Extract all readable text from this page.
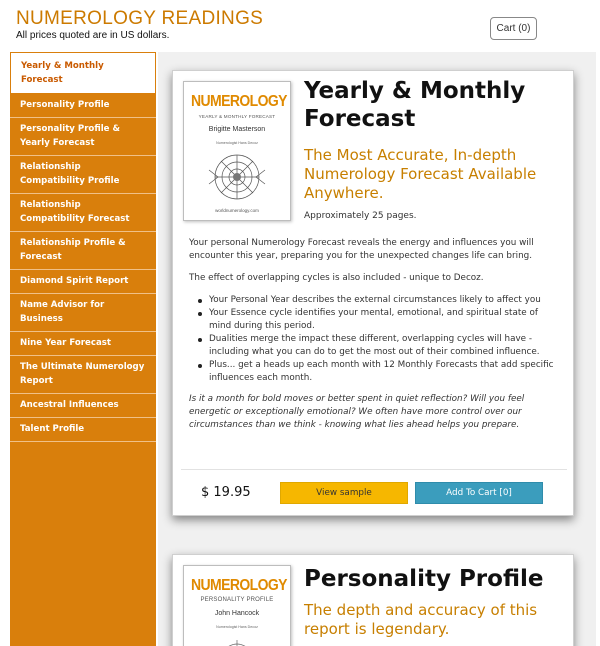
NUMEROLOGY READINGS
All prices quoted are in US dollars.
Cart (0)
Yearly & Monthly Forecast
Personality Profile
Personality Profile & Yearly Forecast
Relationship Compatibility Profile
Relationship Compatibility Forecast
Relationship Profile & Forecast
Diamond Spirit Report
Name Advisor for Business
Nine Year Forecast
The Ultimate Numerology Report
Ancestral Influences
Talent Profile
NUMEROLOGY
YEARLY & MONTHLY FORECAST
Brigitte Masterson
Numerologist Hans Decoz
worldnumerology.com
Yearly & Monthly Forecast
The Most Accurate, In-depth Numerology Forecast Available Anywhere.
Approximately 25 pages.

Your personal Numerology Forecast reveals the energy and influences you will encounter this year, preparing you for the unexpected changes life can bring.

The effect of overlapping cycles is also included - unique to Decoz.

Your Personal Year describes the external circumstances likely to affect you
Your Essence cycle identifies your mental, emotional, and spiritual state of mind during this period.
Dualities merge the impact these different, overlapping cycles will have - including what you can do to get the most out of their combined influence.
Plus... get a heads up each month with 12 Monthly Forecasts that add specific influences each month.

Is it a month for bold moves or better spent in quiet reflection? Will you feel energetic or exceptionally emotional? We often have more control over our circumstances than we think - knowing what lies ahead helps you prepare.

$ 19.95	View sample	Add To Cart [0]
NUMEROLOGY
PERSONALITY PROFILE
John Hancock
Numerologist Hans Decoz
Personality Profile
The depth and accuracy of this report is legendary.
